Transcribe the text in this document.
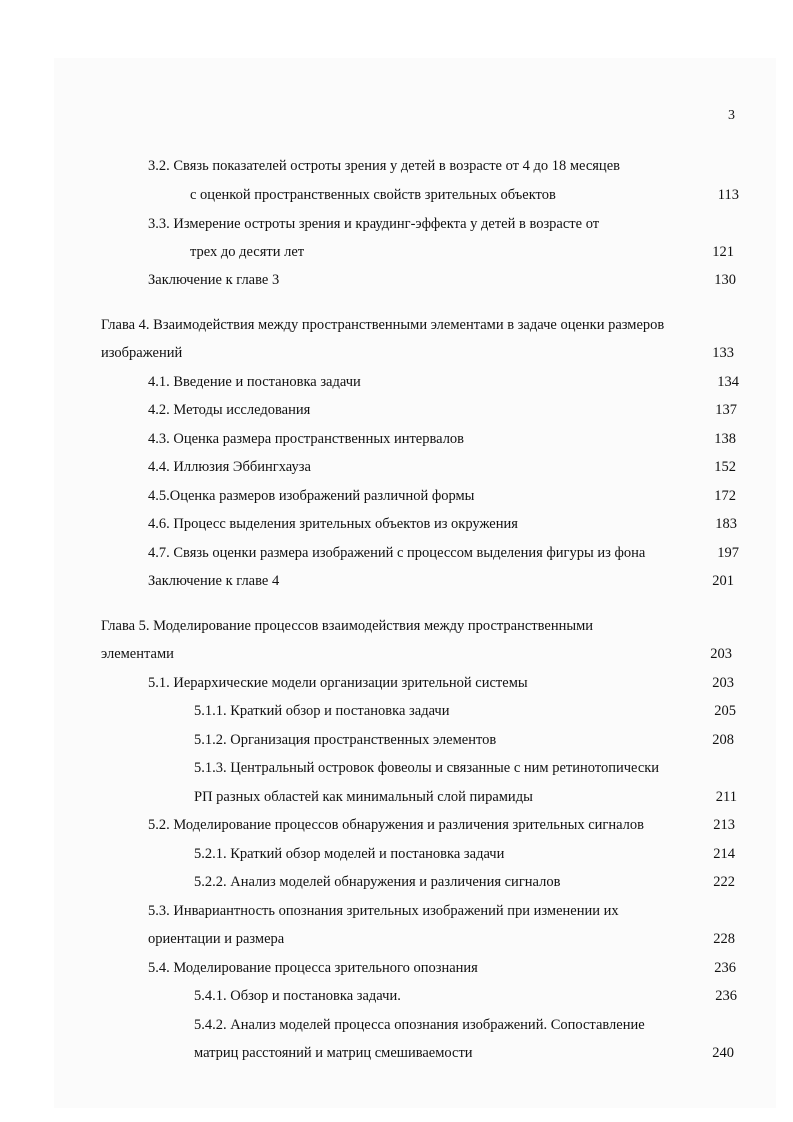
3
3.2. Связь показателей остроты зрения у детей в возрасте от 4 до 18 месяцев
с оценкой пространственных свойств зрительных объектов	113
3.3. Измерение остроты зрения и краудинг-эффекта у детей в возрасте от
трех до десяти лет	121
Заключение к главе 3	130
Глава 4. Взаимодействия между пространственными элементами в задаче оценки размеров
изображений	133
4.1. Введение и постановка задачи	134
4.2. Методы исследования	137
4.3. Оценка размера пространственных интервалов	138
4.4. Иллюзия Эббингхауза	152
4.5.Оценка размеров изображений различной формы	172
4.6. Процесс выделения зрительных объектов из окружения	183
4.7. Связь оценки размера изображений с процессом выделения фигуры из фона	197
Заключение к главе 4	201
Глава 5. Моделирование процессов взаимодействия между пространственными
элементами	203
5.1. Иерархические модели организации зрительной системы	203
5.1.1. Краткий обзор и постановка задачи	205
5.1.2. Организация пространственных элементов	208
5.1.3. Центральный островок фовеолы и связанные с ним ретинотопически
РП разных областей как минимальный слой пирамиды	211
5.2. Моделирование процессов обнаружения и различения зрительных сигналов	213
5.2.1. Краткий обзор моделей и постановка задачи	214
5.2.2. Анализ моделей обнаружения и различения сигналов	222
5.3. Инвариантность опознания зрительных изображений при изменении их
ориентации и размера	228
5.4. Моделирование процесса зрительного опознания	236
5.4.1. Обзор и постановка задачи.	236
5.4.2. Анализ моделей процесса опознания изображений. Сопоставление
матриц расстояний и матриц смешиваемости	240
